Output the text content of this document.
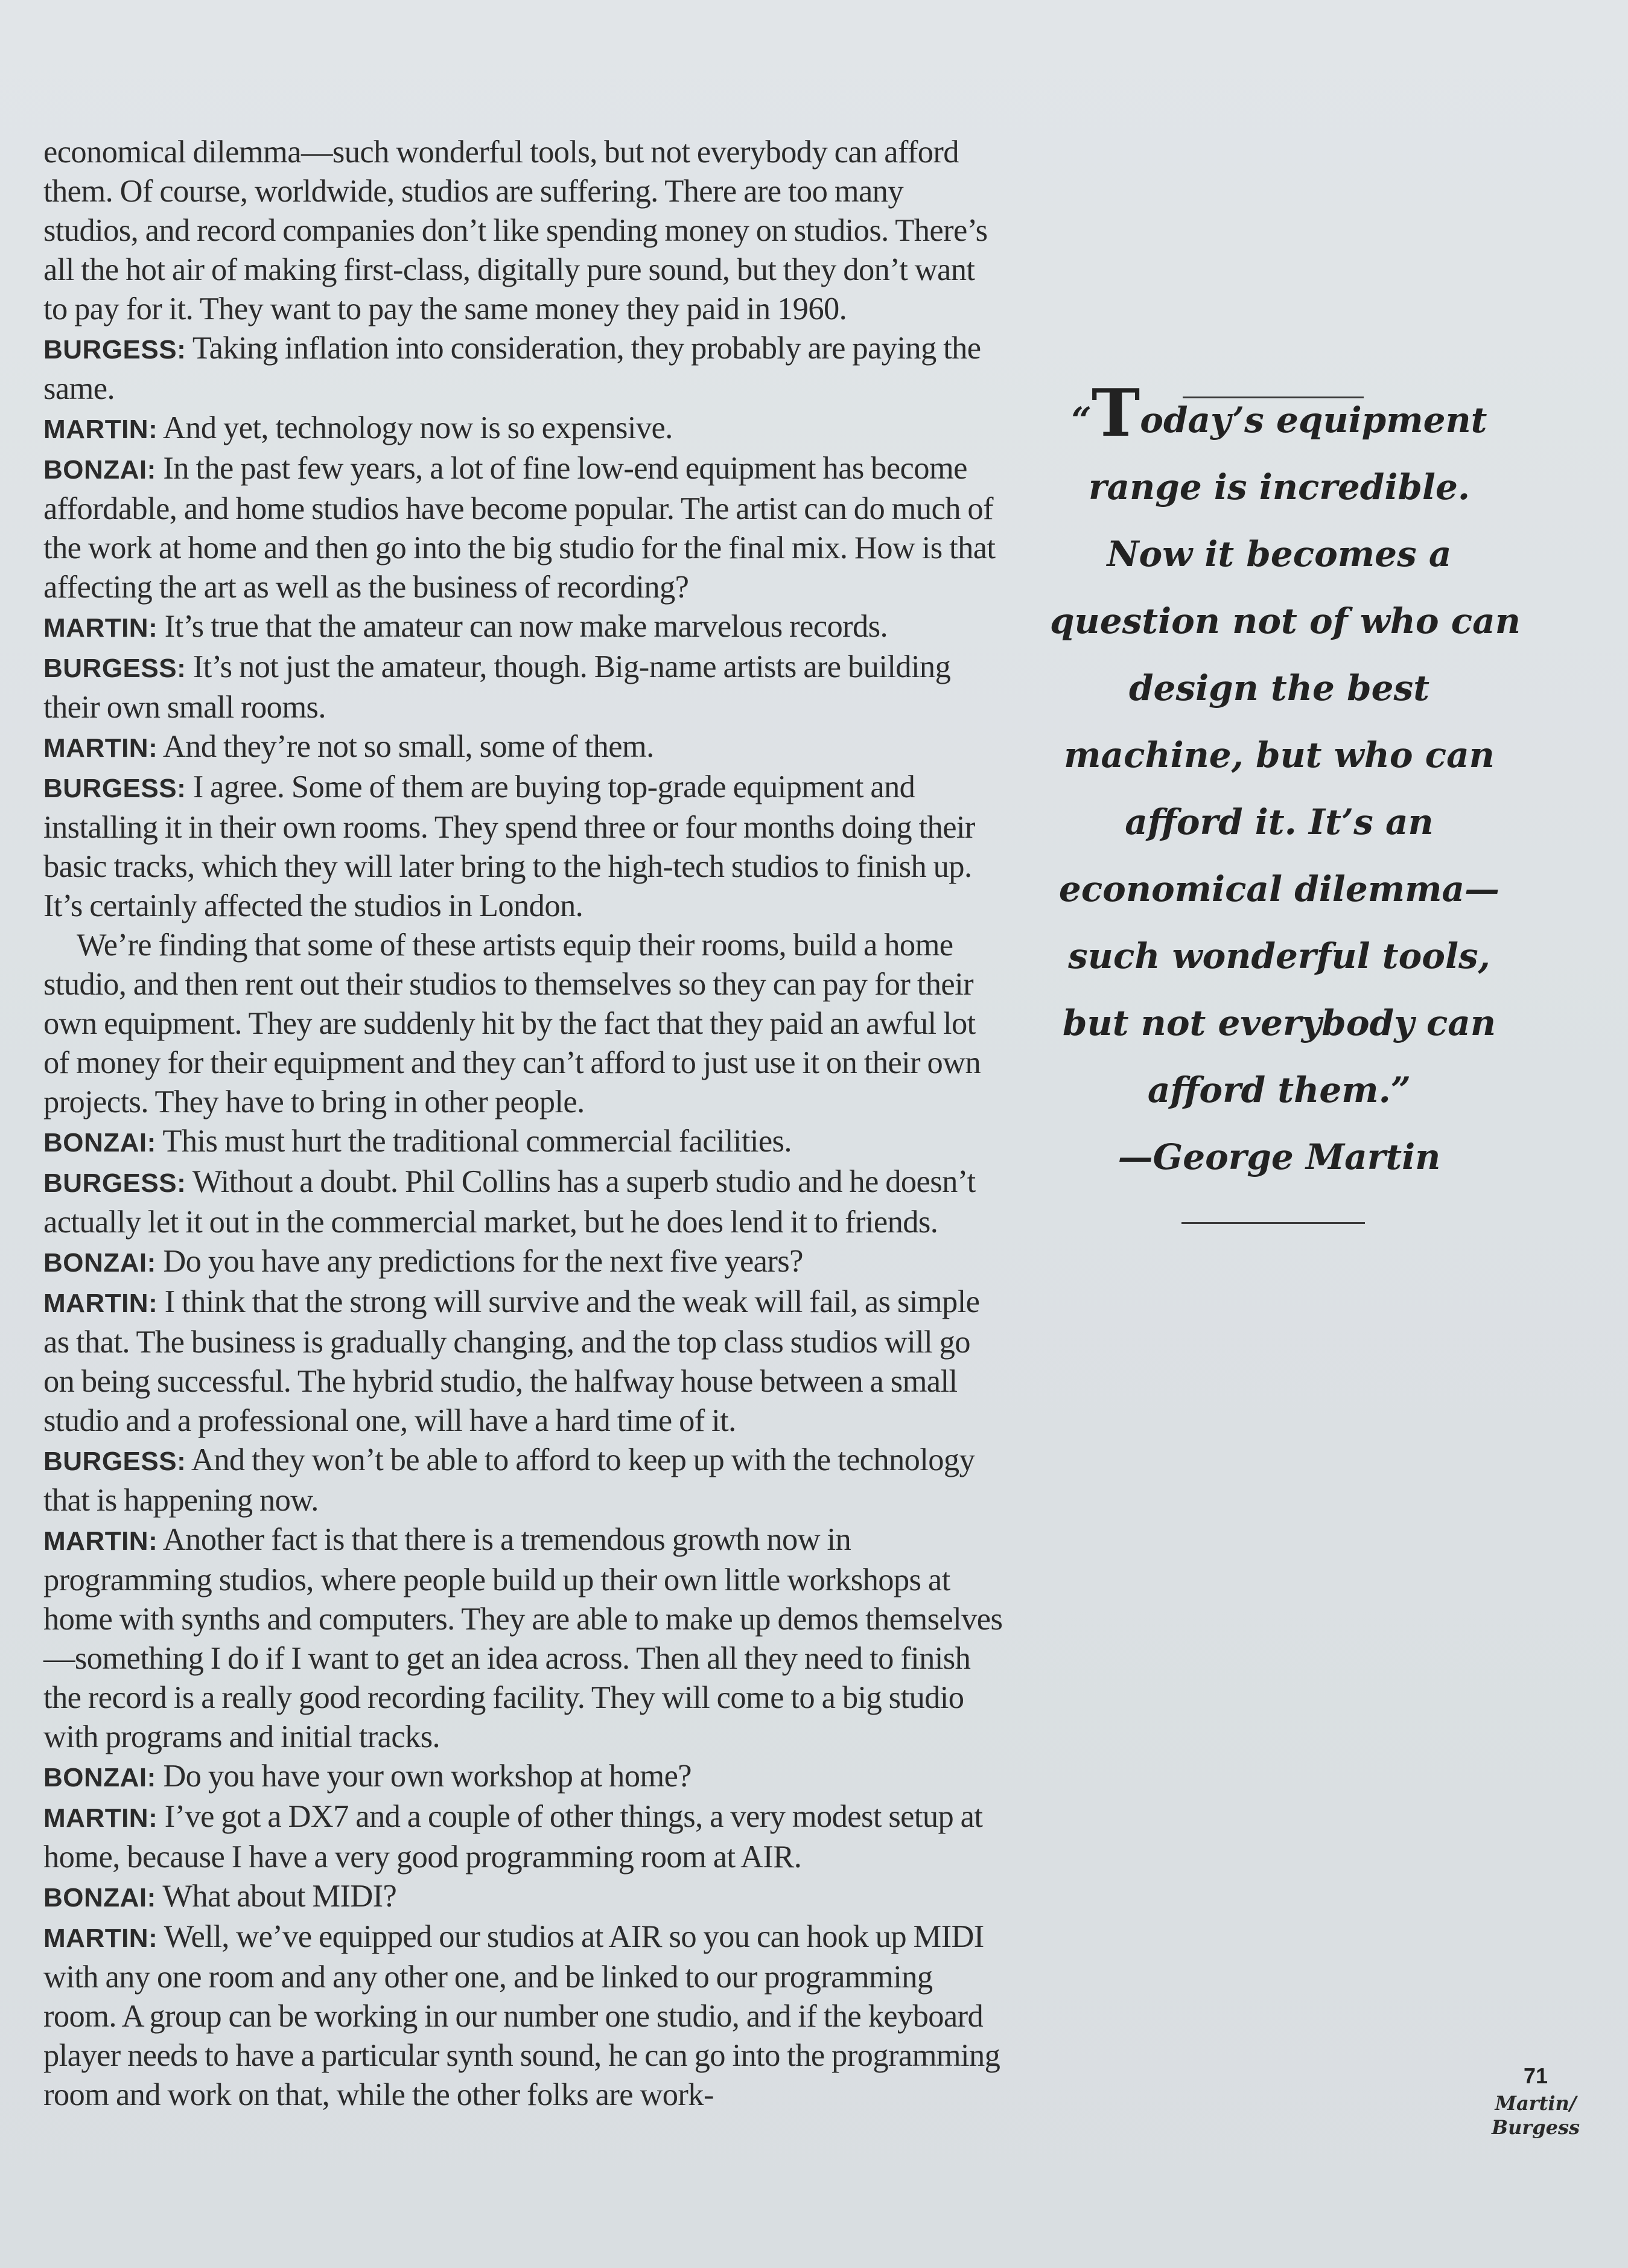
economical dilemma—such wonderful tools, but not everybody can afford them. Of course, worldwide, studios are suffering. There are too many studios, and record companies don’t like spending money on studios. There’s all the hot air of making first-class, digitally pure sound, but they don’t want to pay for it. They want to pay the same money they paid in 1960.

BURGESS: Taking inflation into consideration, they probably are paying the same.

MARTIN: And yet, technology now is so expensive.

BONZAI: In the past few years, a lot of fine low-end equipment has become affordable, and home studios have become popular. The artist can do much of the work at home and then go into the big studio for the final mix. How is that affecting the art as well as the business of recording?

MARTIN: It’s true that the amateur can now make marvelous records.

BURGESS: It’s not just the amateur, though. Big-name artists are building their own small rooms.

MARTIN: And they’re not so small, some of them.

BURGESS: I agree. Some of them are buying top-grade equipment and installing it in their own rooms. They spend three or four months doing their basic tracks, which they will later bring to the high-tech studios to finish up. It’s certainly affected the studios in London.

We’re finding that some of these artists equip their rooms, build a home studio, and then rent out their studios to themselves so they can pay for their own equipment. They are suddenly hit by the fact that they paid an awful lot of money for their equipment and they can’t afford to just use it on their own projects. They have to bring in other people.

BONZAI: This must hurt the traditional commercial facilities.

BURGESS: Without a doubt. Phil Collins has a superb studio and he doesn’t actually let it out in the commercial market, but he does lend it to friends.

BONZAI: Do you have any predictions for the next five years?

MARTIN: I think that the strong will survive and the weak will fail, as simple as that. The business is gradually changing, and the top class studios will go on being successful. The hybrid studio, the halfway house between a small studio and a professional one, will have a hard time of it.

BURGESS: And they won’t be able to afford to keep up with the technology that is happening now.

MARTIN: Another fact is that there is a tremendous growth now in programming studios, where people build up their own little workshops at home with synths and computers. They are able to make up demos themselves—something I do if I want to get an idea across. Then all they need to finish the record is a really good recording facility. They will come to a big studio with programs and initial tracks.

BONZAI: Do you have your own workshop at home?

MARTIN: I’ve got a DX7 and a couple of other things, a very modest setup at home, because I have a very good programming room at AIR.

BONZAI: What about MIDI?

MARTIN: Well, we’ve equipped our studios at AIR so you can hook up MIDI with any one room and any other one, and be linked to our programming room. A group can be working in our number one studio, and if the keyboard player needs to have a particular synth sound, he can go into the programming room and work on that, while the other folks are work-

“Today’s equipment
range is incredible.
Now it becomes a
question not of who can
design the best
machine, but who can
afford it. It’s an
economical dilemma—
such wonderful tools,
but not everybody can
afford them.”
—George Martin
71
Martin/
Burgess
